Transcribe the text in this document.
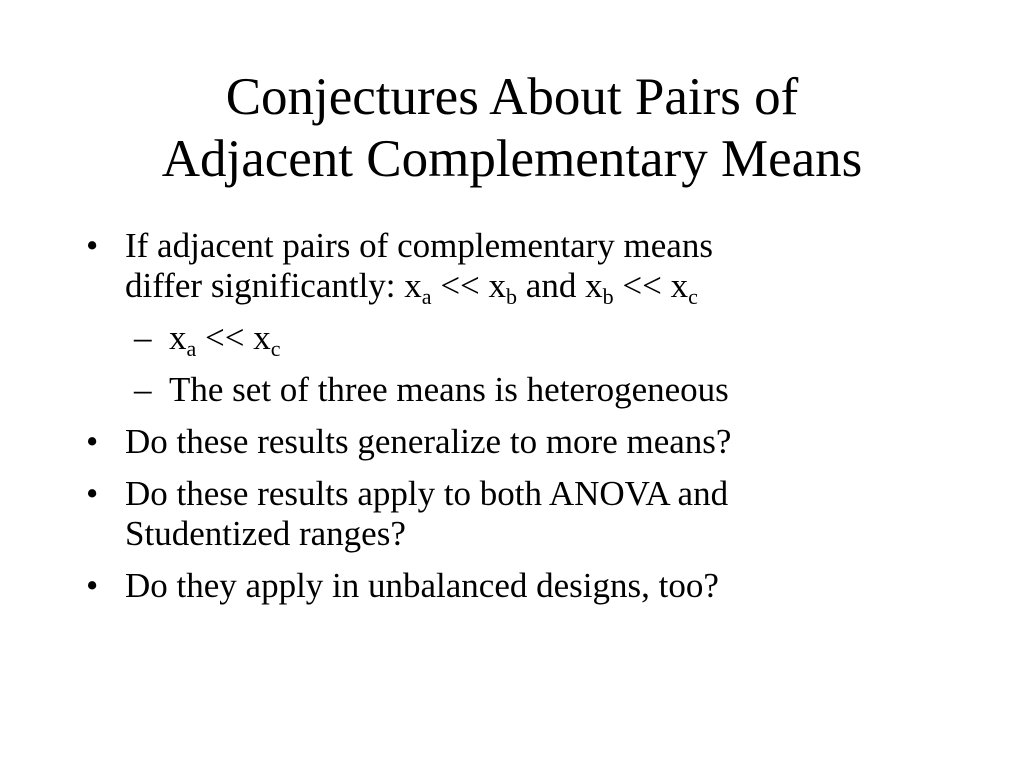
Conjectures About Pairs of
Adjacent Complementary Means
• If adjacent pairs of complementary means
differ significantly: $x_a << x_b$ and $x_b << x_c$
– $x_a << x_c$
– The set of three means is heterogeneous
• Do these results generalize to more means?
• Do these results apply to both ANOVA and
Studentized ranges?
• Do they apply in unbalanced designs, too?
